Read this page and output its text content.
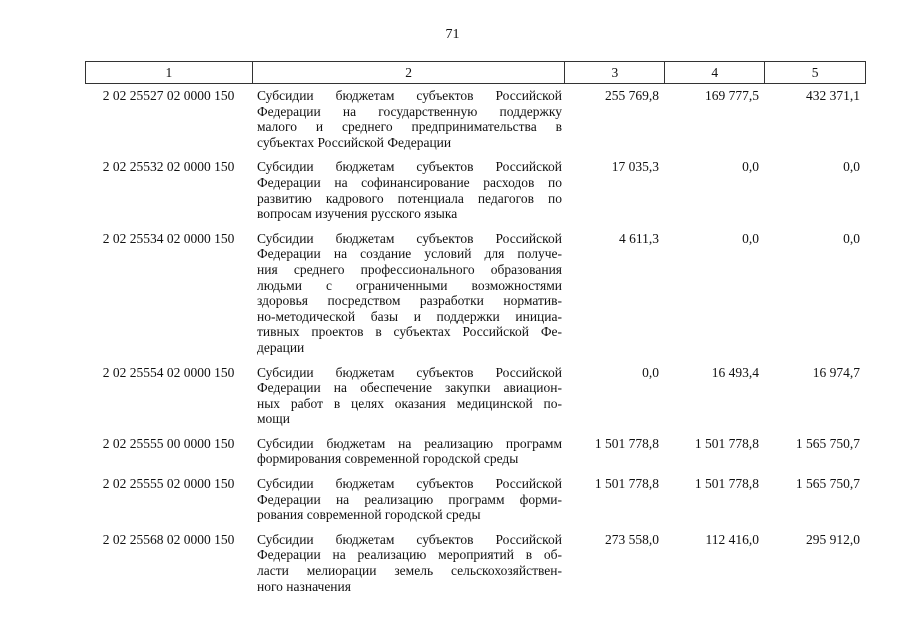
71
1	2	3	4	5
2 02 25527 02 0000 150	Субсидии бюджетам субъектов Российской
Федерации на государственную поддержку
малого и среднего предпринимательства в
субъектах Российской Федерации
255 769,8	169 777,5	432 371,1
2 02 25532 02 0000 150	Субсидии бюджетам субъектов Российской
Федерации на софинансирование расходов по
развитию кадрового потенциала педагогов по
вопросам изучения русского языка
17 035,3	0,0	0,0
2 02 25534 02 0000 150	Субсидии бюджетам субъектов Российской
Федерации на создание условий для получе-
ния среднего профессионального образования
людьми с ограниченными возможностями
здоровья посредством разработки норматив-
но-методической базы и поддержки инициа-
тивных проектов в субъектах Российской Фе-
дерации
4 611,3	0,0	0,0
2 02 25554 02 0000 150	Субсидии бюджетам субъектов Российской
Федерации на обеспечение закупки авиацион-
ных работ в целях оказания медицинской по-
мощи
0,0	16 493,4	16 974,7
2 02 25555 00 0000 150	Субсидии бюджетам на реализацию программ
формирования современной городской среды
1 501 778,8	1 501 778,8	1 565 750,7
2 02 25555 02 0000 150	Субсидии бюджетам субъектов Российской
Федерации на реализацию программ форми-
рования современной городской среды
1 501 778,8	1 501 778,8	1 565 750,7
2 02 25568 02 0000 150	Субсидии бюджетам субъектов Российской
Федерации на реализацию мероприятий в об-
ласти мелиорации земель сельскохозяйствен-
ного назначения
273 558,0	112 416,0	295 912,0
